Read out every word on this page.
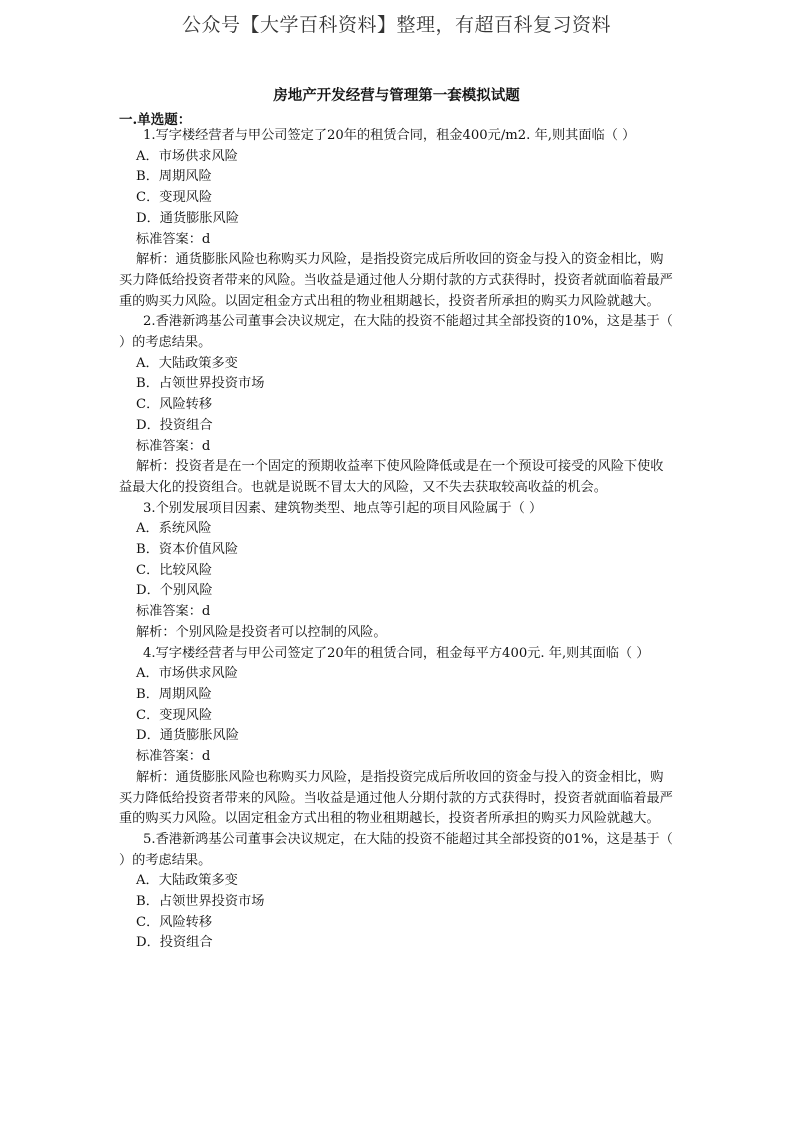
公众号【大学百科资料】整理，有超百科复习资料
房地产开发经营与管理第一套模拟试题
一.单选题：

1.写字楼经营者与甲公司签定了20年的租赁合同，租金400元/m2. 年,则其面临（ ）

A．市场供求风险

B．周期风险

C．变现风险

D．通货膨胀风险

标准答案：d

解析：通货膨胀风险也称购买力风险，是指投资完成后所收回的资金与投入的资金相比，购买力降低给投资者带来的风险。当收益是通过他人分期付款的方式获得时，投资者就面临着最严重的购买力风险。以固定租金方式出租的物业租期越长，投资者所承担的购买力风险就越大。

2.香港新鸿基公司董事会决议规定，在大陆的投资不能超过其全部投资的10%，这是基于（ ）的考虑结果。

A．大陆政策多变

B．占领世界投资市场

C．风险转移

D．投资组合

标准答案：d

解析：投资者是在一个固定的预期收益率下使风险降低或是在一个预设可接受的风险下使收益最大化的投资组合。也就是说既不冒太大的风险，又不失去获取较高收益的机会。

3.个别发展项目因素、建筑物类型、地点等引起的项目风险属于（ ）

A．系统风险

B．资本价值风险

C．比较风险

D．个别风险

标准答案：d

解析：个别风险是投资者可以控制的风险。

4.写字楼经营者与甲公司签定了20年的租赁合同，租金每平方400元. 年,则其面临（ ）

A．市场供求风险

B．周期风险

C．变现风险

D．通货膨胀风险

标准答案：d

解析：通货膨胀风险也称购买力风险，是指投资完成后所收回的资金与投入的资金相比，购买力降低给投资者带来的风险。当收益是通过他人分期付款的方式获得时，投资者就面临着最严重的购买力风险。以固定租金方式出租的物业租期越长，投资者所承担的购买力风险就越大。

5.香港新鸿基公司董事会决议规定，在大陆的投资不能超过其全部投资的01%，这是基于（ ）的考虑结果。

A．大陆政策多变

B．占领世界投资市场

C．风险转移

D．投资组合
